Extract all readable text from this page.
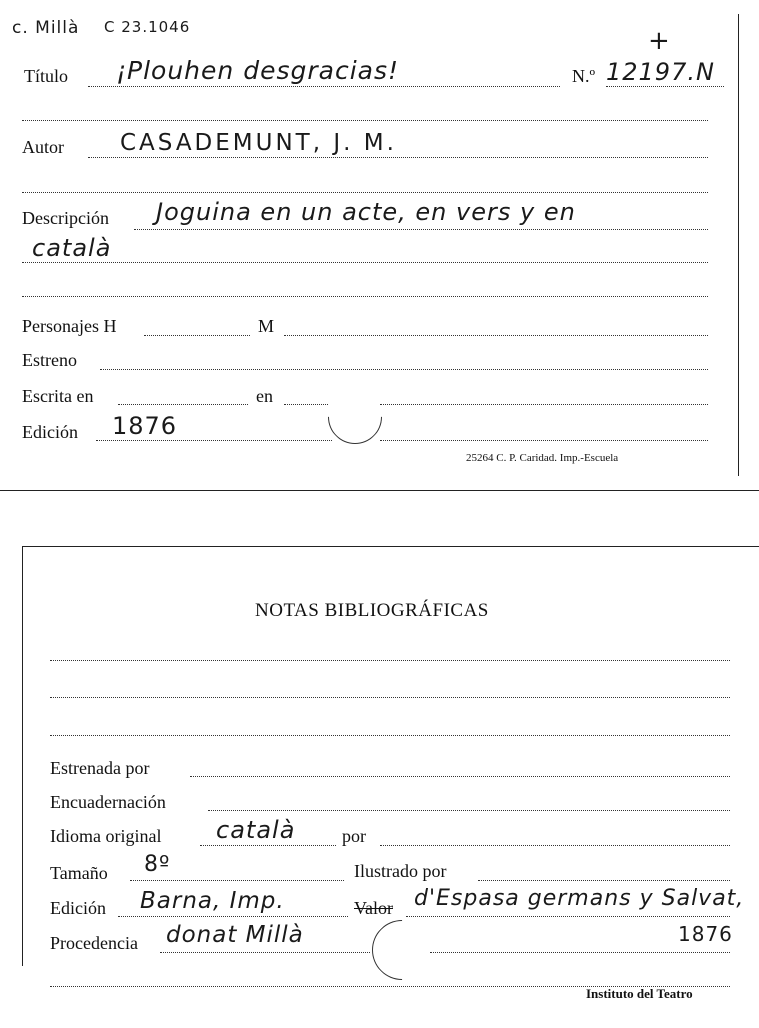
c. Millà C 23.1046	+
Título ¡Plouhen desgracias!	N.º 12197.N
Autor CASADEMUNT, J. M.
Descripción Joguina en un acte, en vers y en
català
Personajes H	M
Estreno
Escrita en	en
Edición 1876
25264 C. P. Caridad. Imp.-Escuela
NOTAS BIBLIOGRÁFICAS
Estrenada por
Encuadernación
Idioma original català	por
Tamaño 8º	Ilustrado por
Edición Barna, Imp.	Valor d'Espasa germans y Salvat,
Procedencia donat Millà	1876
Instituto del Teatro
